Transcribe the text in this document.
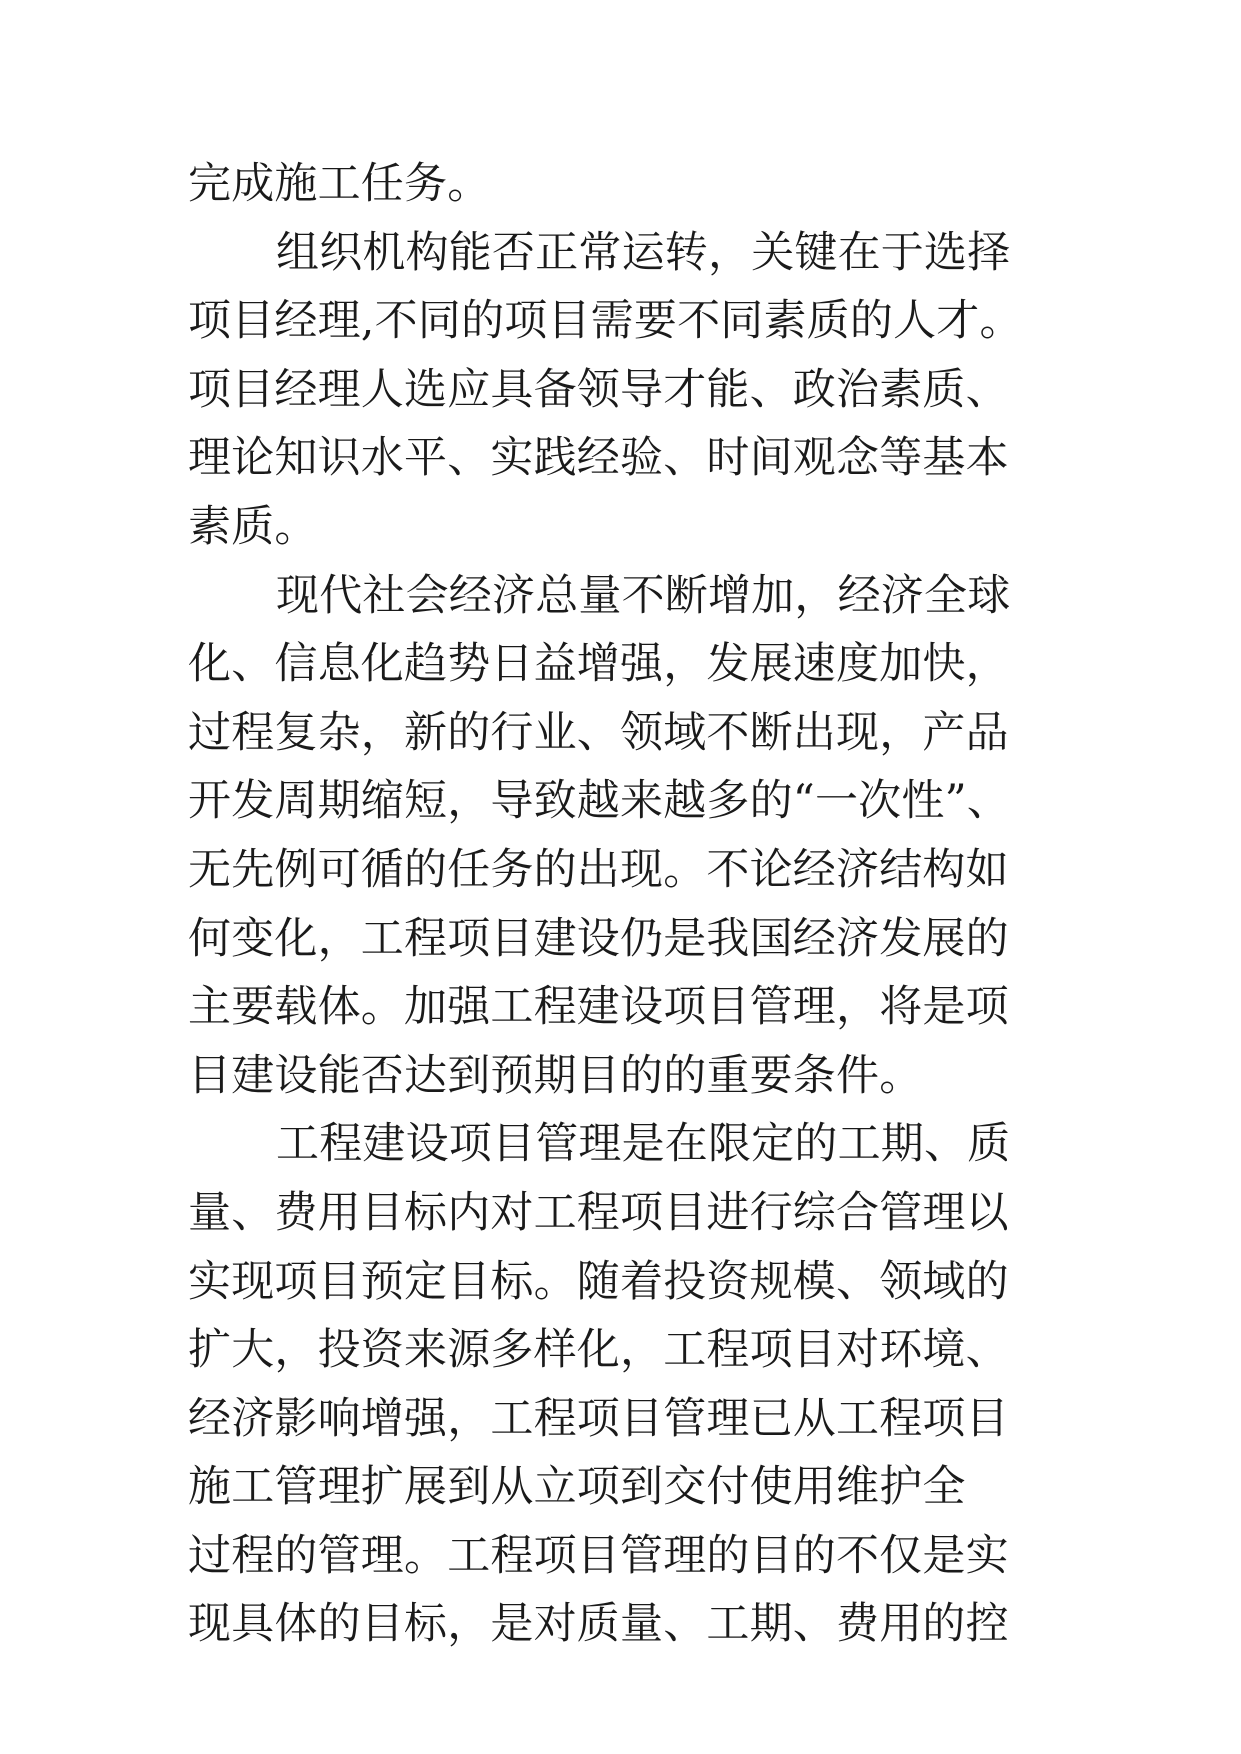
完成施工任务。
组织机构能否正常运转，关键在于选择
项目经理,不同的项目需要不同素质的人才。
项目经理人选应具备领导才能、政治素质、
理论知识水平、实践经验、时间观念等基本
素质。
现代社会经济总量不断增加，经济全球
化、信息化趋势日益增强，发展速度加快，
过程复杂，新的行业、领域不断出现，产品
开发周期缩短，导致越来越多的“一次性”、
无先例可循的任务的出现。不论经济结构如
何变化，工程项目建设仍是我国经济发展的
主要载体。加强工程建设项目管理，将是项
目建设能否达到预期目的的重要条件。
工程建设项目管理是在限定的工期、质
量、费用目标内对工程项目进行综合管理以
实现项目预定目标。随着投资规模、领域的
扩大，投资来源多样化，工程项目对环境、
经济影响增强，工程项目管理已从工程项目
施工管理扩展到从立项到交付使用维护全
过程的管理。工程项目管理的目的不仅是实
现具体的目标，是对质量、工期、费用的控
